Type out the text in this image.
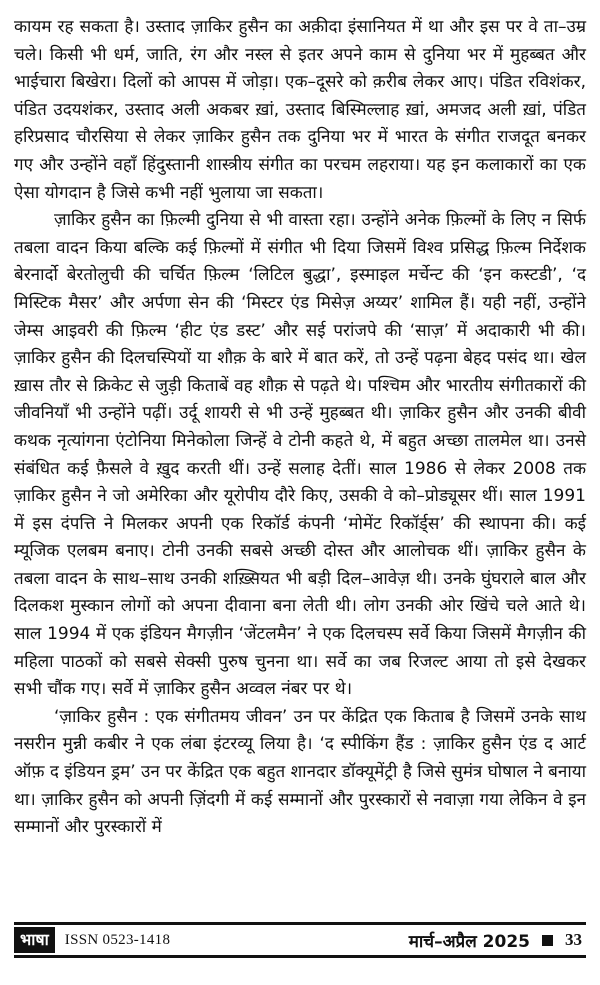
कायम रह सकता है। उस्ताद ज़ाकिर हुसैन का अक़ीदा इंसानियत में था और इस पर वे ता–उम्र चले। किसी भी धर्म, जाति, रंग और नस्ल से इतर अपने काम से दुनिया भर में मुहब्बत और भाईचारा बिखेरा। दिलों को आपस में जोड़ा। एक–दूसरे को क़रीब लेकर आए। पंडित रविशंकर, पंडित उदयशंकर, उस्ताद अली अकबर ख़ां, उस्ताद बिस्मिल्लाह ख़ां, अमजद अली ख़ां, पंडित हरिप्रसाद चौरसिया से लेकर ज़ाकिर हुसैन तक दुनिया भर में भारत के संगीत राजदूत बनकर गए और उन्होंने वहाँ हिंदुस्तानी शास्त्रीय संगीत का परचम लहराया। यह इन कलाकारों का एक ऐसा योगदान है जिसे कभी नहीं भुलाया जा सकता।

ज़ाकिर हुसैन का फ़िल्मी दुनिया से भी वास्ता रहा। उन्होंने अनेक फ़िल्मों के लिए न सिर्फ तबला वादन किया बल्कि कई फ़िल्मों में संगीत भी दिया जिसमें विश्व प्रसिद्ध फ़िल्म निर्देशक बेरनार्दो बेरतोलुची की चर्चित फ़िल्म ‘लिटिल बुद्धा’, इस्माइल मर्चेन्ट की ‘इन कस्टडी’, ‘द मिस्टिक मैसर’ और अर्पणा सेन की ‘मिस्टर एंड मिसेज़ अय्यर’ शामिल हैं। यही नहीं, उन्होंने जेम्स आइवरी की फ़िल्म ‘हीट एंड डस्ट’ और सई परांजपे की ‘साज़’ में अदाकारी भी की। ज़ाकिर हुसैन की दिलचस्पियों या शौक़ के बारे में बात करें, तो उन्हें पढ़ना बेहद पसंद था। खेल ख़ास तौर से क्रिकेट से जुड़ी किताबें वह शौक़ से पढ़ते थे। पश्चिम और भारतीय संगीतकारों की जीवनियाँ भी उन्होंने पढ़ीं। उर्दू शायरी से भी उन्हें मुहब्बत थी। ज़ाकिर हुसैन और उनकी बीवी कथक नृत्यांगना एंटोनिया मिनेकोला जिन्हें वे टोनी कहते थे, में बहुत अच्छा तालमेल था। उनसे संबंधित कई फ़ैसले वे ख़ुद करती थीं। उन्हें सलाह देतीं। साल 1986 से लेकर 2008 तक ज़ाकिर हुसैन ने जो अमेरिका और यूरोपीय दौरे किए, उसकी वे को–प्रोड्यूसर थीं। साल 1991 में इस दंपत्ति ने मिलकर अपनी एक रिकॉर्ड कंपनी ‘मोमेंट रिकॉर्ड्स’ की स्थापना की। कई म्यूजिक एलबम बनाए। टोनी उनकी सबसे अच्छी दोस्त और आलोचक थीं। ज़ाकिर हुसैन के तबला वादन के साथ–साथ उनकी शख़्सियत भी बड़ी दिल–आवेज़ थी। उनके घुंघराले बाल और दिलकश मुस्कान लोगों को अपना दीवाना बना लेती थी। लोग उनकी ओर खिंचे चले आते थे। साल 1994 में एक इंडियन मैगज़ीन ‘जेंटलमैन’ ने एक दिलचस्प सर्वे किया जिसमें मैगज़ीन की महिला पाठकों को सबसे सेक्सी पुरुष चुनना था। सर्वे का जब रिजल्ट आया तो इसे देखकर सभी चौंक गए। सर्वे में ज़ाकिर हुसैन अव्वल नंबर पर थे।

‘ज़ाकिर हुसैन : एक संगीतमय जीवन’ उन पर केंद्रित एक किताब है जिसमें उनके साथ नसरीन मुन्नी कबीर ने एक लंबा इंटरव्यू लिया है। ‘द स्पीकिंग हैंड : ज़ाकिर हुसैन एंड द आर्ट ऑफ़ द इंडियन ड्रम’ उन पर केंद्रित एक बहुत शानदार डॉक्यूमेंट्री है जिसे सुमंत्र घोषाल ने बनाया था। ज़ाकिर हुसैन को अपनी ज़िंदगी में कई सम्मानों और पुरस्कारों से नवाज़ा गया लेकिन वे इन सम्मानों और पुरस्कारों में

भाषा	ISSN 0523-1418	मार्च–अप्रैल 2025 33
